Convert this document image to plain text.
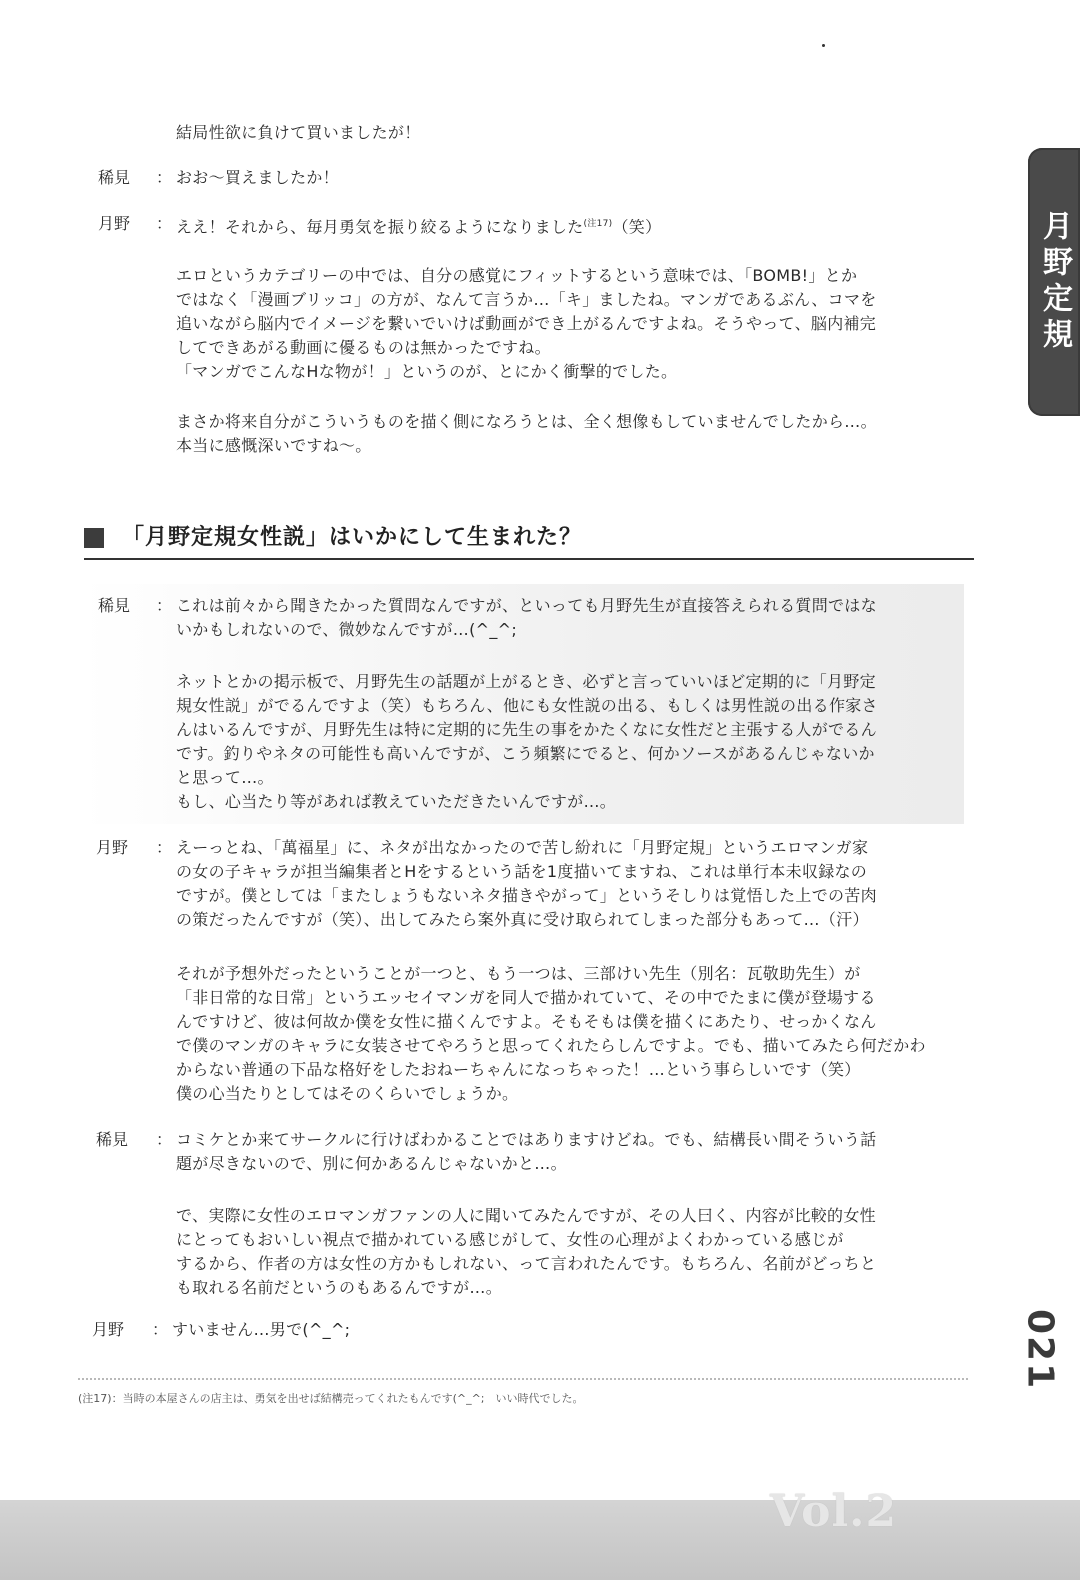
月野定規
結局性欲に負けて買いましたが！
稀見 ： おお〜買えましたか！
月野 ： ええ！それから、毎月勇気を振り絞るようになりました$^{(注17)}$（笑）
エロというカテゴリーの中では、自分の感覚にフィットするという意味では、「BOMB!」とか
ではなく「漫画ブリッコ」の方が、なんて言うか…「キ」ましたね。マンガであるぶん、コマを
追いながら脳内でイメージを繋いでいけば動画ができ上がるんですよね。そうやって、脳内補完
してできあがる動画に優るものは無かったですね。
「マンガでこんなHな物が！」というのが、とにかく衝撃的でした。
まさか将来自分がこういうものを描く側になろうとは、全く想像もしていませんでしたから…。
本当に感慨深いですね〜。
「月野定規女性説」はいかにして生まれた？
稀見 ： これは前々から聞きたかった質問なんですが、といっても月野先生が直接答えられる質問ではな
いかもしれないので、微妙なんですが…(^_^;
ネットとかの掲示板で、月野先生の話題が上がるとき、必ずと言っていいほど定期的に「月野定
規女性説」がでるんですよ（笑）もちろん、他にも女性説の出る、もしくは男性説の出る作家さ
んはいるんですが、月野先生は特に定期的に先生の事をかたくなに女性だと主張する人がでるん
です。釣りやネタの可能性も高いんですが、こう頻繁にでると、何かソースがあるんじゃないか
と思って…。
もし、心当たり等があれば教えていただきたいんですが…。
月野 ： えーっとね、「萬福星」に、ネタが出なかったので苦し紛れに「月野定規」というエロマンガ家
の女の子キャラが担当編集者とHをするという話を1度描いてますね、これは単行本未収録なの
ですが。僕としては「またしょうもないネタ描きやがって」というそしりは覚悟した上での苦肉
の策だったんですが（笑）、出してみたら案外真に受け取られてしまった部分もあって…（汗）
それが予想外だったということが一つと、もう一つは、三部けい先生（別名：瓦敬助先生）が
「非日常的な日常」というエッセイマンガを同人で描かれていて、その中でたまに僕が登場する
んですけど、彼は何故か僕を女性に描くんですよ。そもそもは僕を描くにあたり、せっかくなん
で僕のマンガのキャラに女装させてやろうと思ってくれたらしんですよ。でも、描いてみたら何だかわ
からない普通の下品な格好をしたおねーちゃんになっちゃった！…という事らしいです（笑）
僕の心当たりとしてはそのくらいでしょうか。
稀見 ： コミケとか来てサークルに行けばわかることではありますけどね。でも、結構長い間そういう話
題が尽きないので、別に何かあるんじゃないかと…。
で、実際に女性のエロマンガファンの人に聞いてみたんですが、その人曰く、内容が比較的女性
にとってもおいしい視点で描かれている感じがして、女性の心理がよくわかっている感じが
するから、作者の方は女性の方かもしれない、って言われたんです。もちろん、名前がどっちと
も取れる名前だというのもあるんですが…。
月野 ： すいません…男で(^_^;	021
(注17)：当時の本屋さんの店主は、勇気を出せば結構売ってくれたもんです(^_^;　いい時代でした。
Vol.2
